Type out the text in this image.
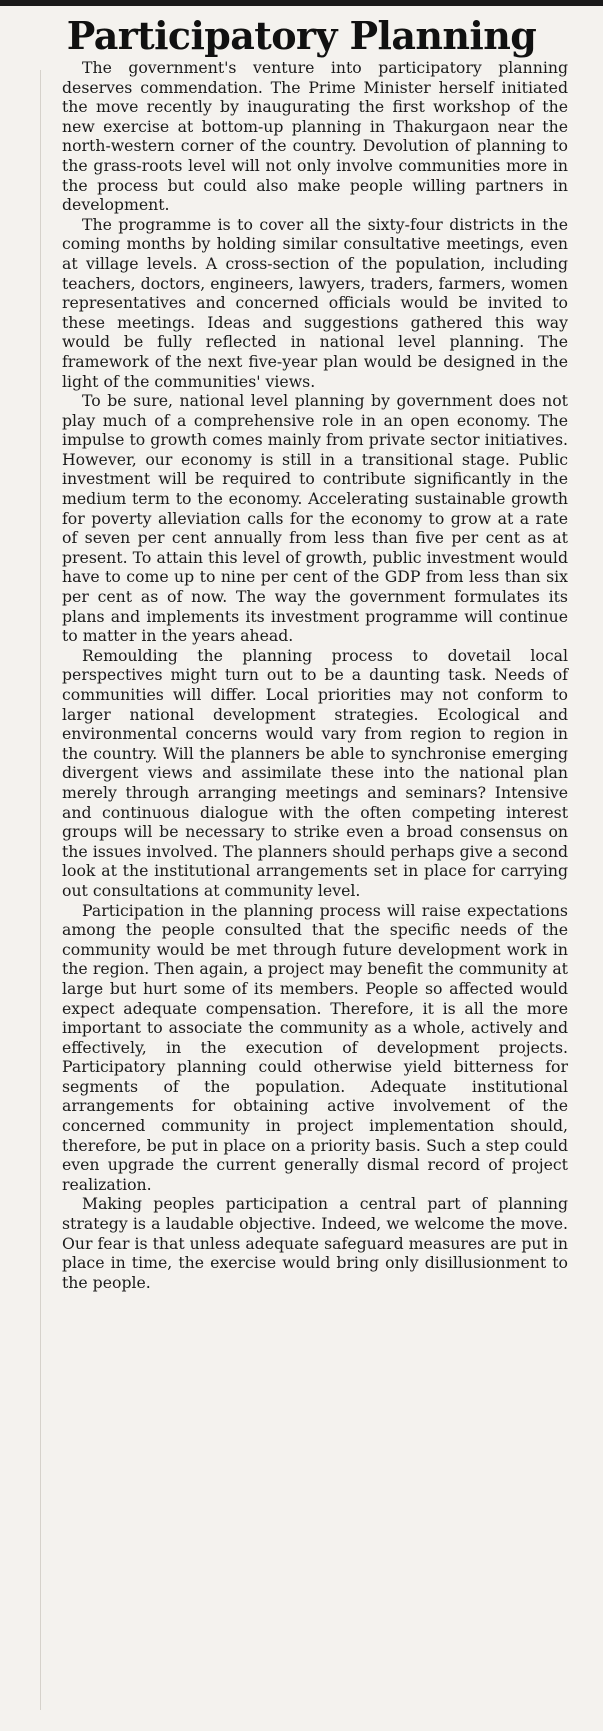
Participatory Planning

The government's venture into participatory planning deserves commendation. The Prime Minister herself initiated the move recently by inaugurating the first workshop of the new exercise at bottom-up planning in Thakurgaon near the north-western corner of the country. Devolution of planning to the grass-roots level will not only involve communities more in the process but could also make people willing partners in development.

The programme is to cover all the sixty-four districts in the coming months by holding similar consultative meetings, even at village levels. A cross-section of the population, including teachers, doctors, engineers, lawyers, traders, farmers, women representatives and concerned officials would be invited to these meetings. Ideas and suggestions gathered this way would be fully reflected in national level planning. The framework of the next five-year plan would be designed in the light of the communities' views.

To be sure, national level planning by government does not play much of a comprehensive role in an open economy. The impulse to growth comes mainly from private sector initiatives. However, our economy is still in a transitional stage. Public investment will be required to contribute significantly in the medium term to the economy. Accelerating sustainable growth for poverty alleviation calls for the economy to grow at a rate of seven per cent annually from less than five per cent as at present. To attain this level of growth, public investment would have to come up to nine per cent of the GDP from less than six per cent as of now. The way the government formulates its plans and implements its investment programme will continue to matter in the years ahead.

Remoulding the planning process to dovetail local perspectives might turn out to be a daunting task. Needs of communities will differ. Local priorities may not conform to larger national development strategies. Ecological and environmental concerns would vary from region to region in the country. Will the planners be able to synchronise emerging divergent views and assimilate these into the national plan merely through arranging meetings and seminars? Intensive and continuous dialogue with the often competing interest groups will be necessary to strike even a broad consensus on the issues involved. The planners should perhaps give a second look at the institutional arrangements set in place for carrying out consultations at community level.

Participation in the planning process will raise expectations among the people consulted that the specific needs of the community would be met through future development work in the region. Then again, a project may benefit the community at large but hurt some of its members. People so affected would expect adequate compensation. Therefore, it is all the more important to associate the community as a whole, actively and effectively, in the execution of development projects. Participatory planning could otherwise yield bitterness for segments of the population. Adequate institutional arrangements for obtaining active involvement of the concerned community in project implementation should, therefore, be put in place on a priority basis. Such a step could even upgrade the current generally dismal record of project realization.

Making peoples participation a central part of planning strategy is a laudable objective. Indeed, we welcome the move. Our fear is that unless adequate safeguard measures are put in place in time, the exercise would bring only disillusionment to the people.
